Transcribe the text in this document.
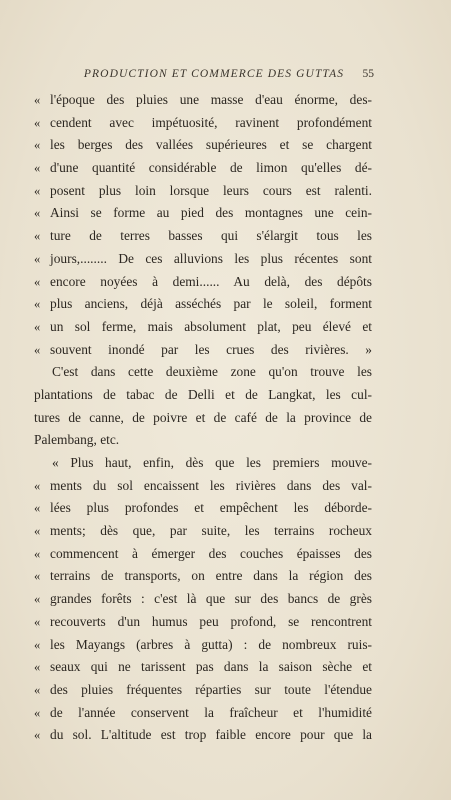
PRODUCTION ET COMMERCE DES GUTTAS	55
« l'époque des pluies une masse d'eau énorme, des-
« cendent avec impétuosité, ravinent profondément
« les berges des vallées supérieures et se chargent
« d'une quantité considérable de limon qu'elles dé-
« posent plus loin lorsque leurs cours est ralenti.
« Ainsi se forme au pied des montagnes une cein-
« ture de terres basses qui s'élargit tous les
« jours,........ De ces alluvions les plus récentes sont
« encore noyées à demi...... Au delà, des dépôts
« plus anciens, déjà asséchés par le soleil, forment
« un sol ferme, mais absolument plat, peu élevé et
« souvent inondé par les crues des rivières. »
C'est dans cette deuxième zone qu'on trouve les
plantations de tabac de Delli et de Langkat, les cul-
tures de canne, de poivre et de café de la province de
Palembang, etc.
« Plus haut, enfin, dès que les premiers mouve-
« ments du sol encaissent les rivières dans des val-
« lées plus profondes et empêchent les déborde-
« ments; dès que, par suite, les terrains rocheux
« commencent à émerger des couches épaisses des
« terrains de transports, on entre dans la région des
« grandes forêts : c'est là que sur des bancs de grès
« recouverts d'un humus peu profond, se rencontrent
« les Mayangs (arbres à gutta) : de nombreux ruis-
« seaux qui ne tarissent pas dans la saison sèche et
« des pluies fréquentes réparties sur toute l'étendue
« de l'année conservent la fraîcheur et l'humidité
« du sol. L'altitude est trop faible encore pour que la
